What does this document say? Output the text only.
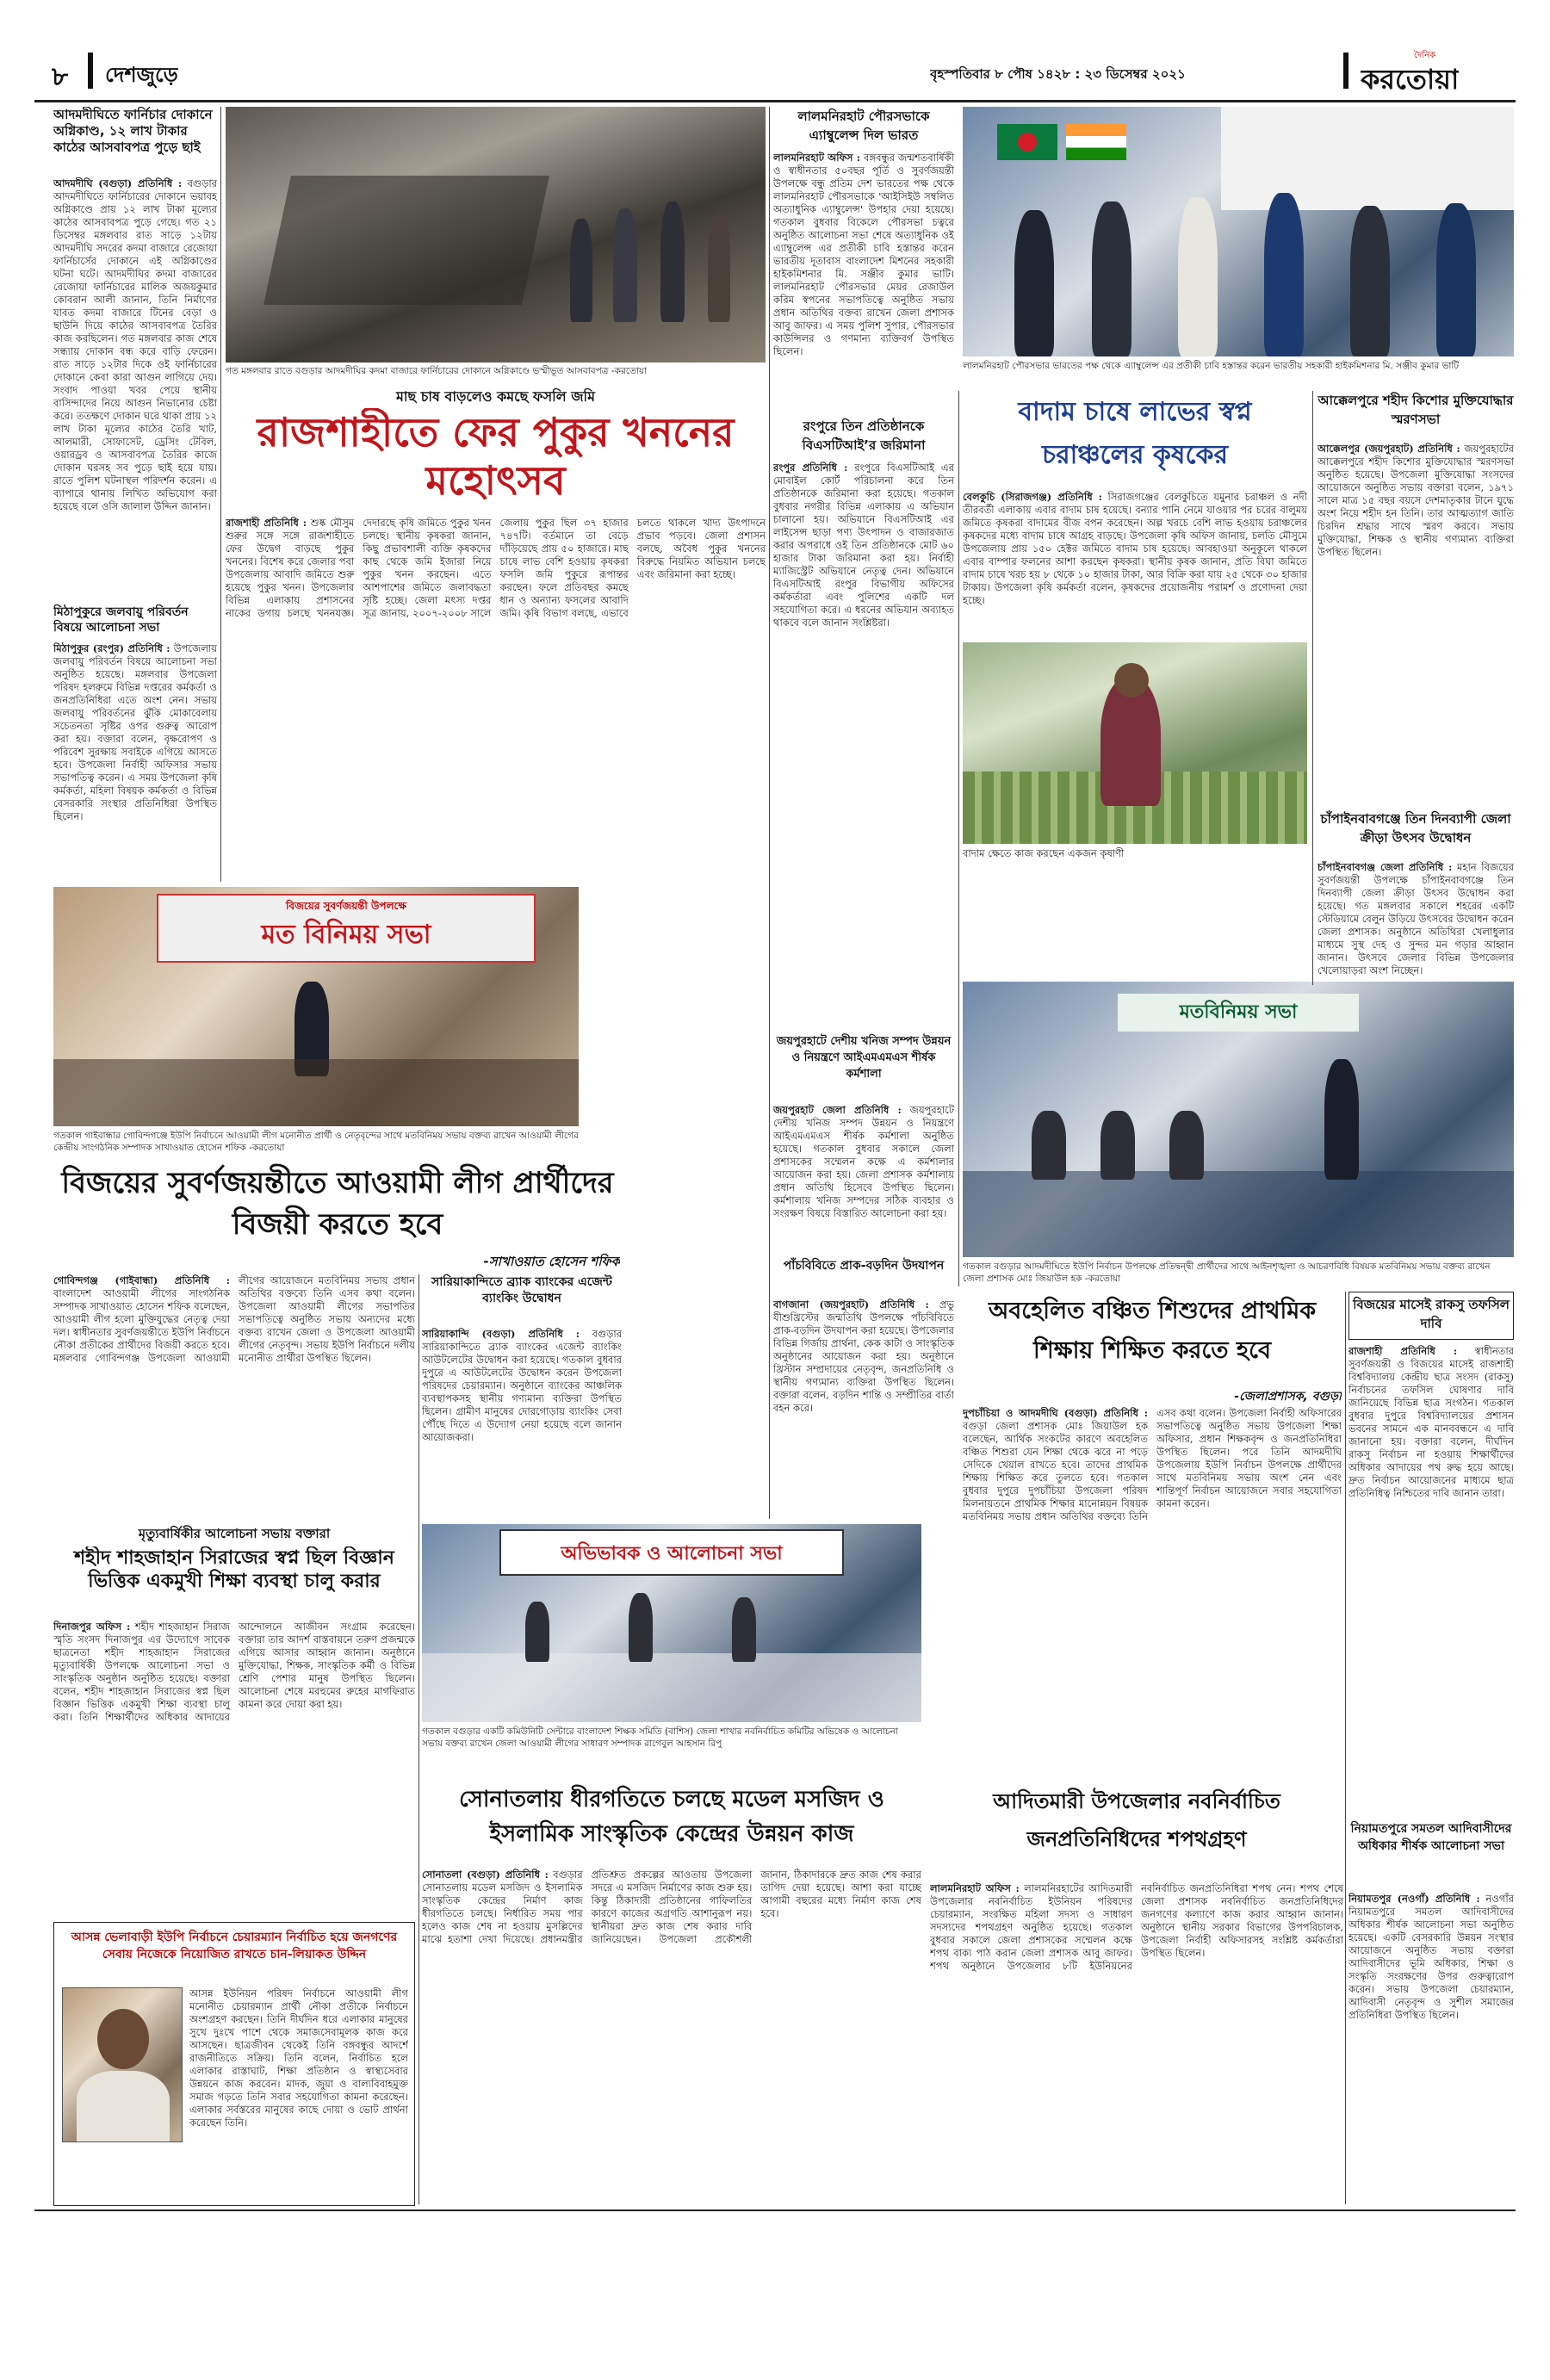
৮ দেশজুড়ে	বৃহস্পতিবার ৮ পৌষ ১৪২৮ : ২৩ ডিসেম্বর ২০২১
দৈনিক
করতোয়া
আদমদীঘিতে ফার্নিচার দোকানে অগ্নিকাণ্ড, ১২ লাখ টাকার কাঠের আসবাবপত্র পুড়ে ছাই
আদমদীঘি (বগুড়া) প্রতিনিধি : বগুড়ার আদমদীঘিতে ফার্নিচারের দোকানে ভয়াবহ অগ্নিকাণ্ডে প্রায় ১২ লাখ টাকা মূল্যের কাঠের আসবাবপত্র পুড়ে গেছে। গত ২১ ডিসেম্বর মঙ্গলবার রাত সাড়ে ১২টায় আদমদীঘি সদরের কদমা বাজারে রেজোয়া ফার্নিচার্সের দোকানে এই অগ্নিকাণ্ডের ঘটনা ঘটে। আদমদীঘির কদমা বাজারের রেজোয়া ফার্নিচারের মালিক অজয়কুমার কোবরান আলী জানান, তিনি নির্মাণের যাবত কদমা বাজারে টিনের বেড়া ও ছাউনি দিয়ে কাঠের আসবাবপত্র তৈরির কাজ করছিলেন। গত মঙ্গলবার কাজ শেষে সন্ধ্যায় দোকান বন্ধ করে বাড়ি ফেরেন। রাত সাড়ে ১২টার দিকে ওই ফার্নিচারের দোকানে কেবা কারা আগুন লাগিয়ে দেয়। সংবাদ পাওয়া খবর পেয়ে স্থানীয় বাসিন্দাদের নিয়ে আগুন নিভানোর চেষ্টা করে। ততক্ষণে দোকান ঘরে থাকা প্রায় ১২ লাখ টাকা মূল্যের কাঠের তৈরি খাট, আলমারী, সোফাসেট, ড্রেসিং টেবিল, ওয়ারড্রব ও আসবাবপত্র তৈরির কাজে দোকান ঘরসহ সব পুড়ে ছাই হয়ে যায়। রাতে পুলিশ ঘটনাস্থল পরিদর্শন করেন। এ ব্যাপারে থানায় লিখিত অভিযোগ করা হয়েছে বলে ওসি জালাল উদ্দিন জানান।
মিঠাপুকুরে জলবায়ু পরিবর্তন বিষয়ে আলোচনা সভা
মিঠাপুকুর (রংপুর) প্রতিনিধি : উপজেলায় জলবায়ু পরিবর্তন বিষয়ে আলোচনা সভা অনুষ্ঠিত হয়েছে। মঙ্গলবার উপজেলা পরিষদ হলরুমে বিভিন্ন দপ্তরের কর্মকর্তা ও জনপ্রতিনিধিরা এতে অংশ নেন। সভায় জলবায়ু পরিবর্তনের ঝুঁকি মোকাবেলায় সচেতনতা সৃষ্টির ওপর গুরুত্ব আরোপ করা হয়। বক্তারা বলেন, বৃক্ষরোপণ ও পরিবেশ সুরক্ষায় সবাইকে এগিয়ে আসতে হবে। উপজেলা নির্বাহী অফিসার সভায় সভাপতিত্ব করেন। এ সময় উপজেলা কৃষি কর্মকর্তা, মহিলা বিষয়ক কর্মকর্তা ও বিভিন্ন বেসরকারি সংস্থার প্রতিনিধিরা উপস্থিত ছিলেন।
গত মঙ্গলবার রাতে বগুড়ার আদমদীঘির কদমা বাজারে ফার্নিচারের দোকানে অগ্নিকাণ্ডে ভস্মীভূত আসবাবপত্র -করতোয়া
মাছ চাষ বাড়লেও কমছে ফসলি জমি
রাজশাহীতে ফের পুকুর খননের মহোৎসব
রাজশাহী প্রতিনিধি : শুষ্ক মৌসুম শুরুর সঙ্গে সঙ্গে রাজশাহীতে ফের উদ্বেগ বাড়ছে পুকুর খননের। বিশেষ করে জেলার পবা উপজেলায় আবাদি জমিতে শুরু হয়েছে পুকুর খনন। উপজেলার বিভিন্ন এলাকায় প্রশাসনের নাকের ডগায় চলছে খননযজ্ঞ। দেদারছে কৃষি জমিতে পুকুর খনন চলছে। স্থানীয় কৃষকরা জানান, কিছু প্রভাবশালী ব্যক্তি কৃষকদের কাছ থেকে জমি ইজারা নিয়ে পুকুর খনন করছেন। এতে আশপাশের জমিতে জলাবদ্ধতা সৃষ্টি হচ্ছে। জেলা মৎস্য দপ্তর সূত্র জানায়, ২০০৭-২০০৮ সালে জেলায় পুকুর ছিল ৩৭ হাজার ৭৪৭টি। বর্তমানে তা বেড়ে দাঁড়িয়েছে প্রায় ৫০ হাজারে। মাছ চাষে লাভ বেশি হওয়ায় কৃষকরা ফসলি জমি পুকুরে রূপান্তর করছেন। ফলে প্রতিবছর কমছে ধান ও অন্যান্য ফসলের আবাদি জমি। কৃষি বিভাগ বলছে, এভাবে চলতে থাকলে খাদ্য উৎপাদনে প্রভাব পড়বে। জেলা প্রশাসন বলছে, অবৈধ পুকুর খননের বিরুদ্ধে নিয়মিত অভিযান চলছে এবং জরিমানা করা হচ্ছে।
বিজয়ের সুবর্ণজয়ন্তী উপলক্ষে
মত বিনিময় সভা
গতকাল গাইবান্ধার গোবিন্দগঞ্জে ইউপি নির্বাচনে আওয়ামী লীগ মনোনীত প্রার্থী ও নেতৃবৃন্দের সাথে মতবিনিময় সভায় বক্তব্য রাখেন আওয়ামী লীগের কেন্দ্রীয় সাংগঠনিক সম্পাদক সাখাওয়াত হোসেন শফিক -করতোয়া
বিজয়ের সুবর্ণজয়ন্তীতে আওয়ামী লীগ প্রার্থীদের বিজয়ী করতে হবে
-সাখাওয়াত হোসেন শফিক
গোবিন্দগঞ্জ (গাইবান্ধা) প্রতিনিধি : বাংলাদেশ আওয়ামী লীগের সাংগঠনিক সম্পাদক সাখাওয়াত হোসেন শফিক বলেছেন, আওয়ামী লীগ হলো মুক্তিযুদ্ধের নেতৃত্ব দেয়া দল। স্বাধীনতার সুবর্ণজয়ন্তীতে ইউপি নির্বাচনে নৌকা প্রতীকের প্রার্থীদের বিজয়ী করতে হবে। মঙ্গলবার গোবিন্দগঞ্জ উপজেলা আওয়ামী লীগের আয়োজনে মতবিনিময় সভায় প্রধান অতিথির বক্তব্যে তিনি এসব কথা বলেন। উপজেলা আওয়ামী লীগের সভাপতির সভাপতিত্বে অনুষ্ঠিত সভায় অন্যদের মধ্যে বক্তব্য রাখেন জেলা ও উপজেলা আওয়ামী লীগের নেতৃবৃন্দ। সভায় ইউপি নির্বাচনে দলীয় মনোনীত প্রার্থীরা উপস্থিত ছিলেন।
সারিয়াকান্দিতে ব্র্যাক ব্যাংকের এজেন্ট ব্যাংকিং উদ্বোধন
সারিয়াকান্দি (বগুড়া) প্রতিনিধি : বগুড়ার সারিয়াকান্দিতে ব্র্যাক ব্যাংকের এজেন্ট ব্যাংকিং আউটলেটের উদ্বোধন করা হয়েছে। গতকাল বুধবার দুপুরে এ আউটলেটের উদ্বোধন করেন উপজেলা পরিষদের চেয়ারম্যান। অনুষ্ঠানে ব্যাংকের আঞ্চলিক ব্যবস্থাপকসহ স্থানীয় গণ্যমান্য ব্যক্তিরা উপস্থিত ছিলেন। গ্রামীণ মানুষের দোরগোড়ায় ব্যাংকিং সেবা পৌঁছে দিতে এ উদ্যোগ নেয়া হয়েছে বলে জানান আয়োজকরা।
মৃত্যুবার্ষিকীর আলোচনা সভায় বক্তারা
শহীদ শাহজাহান সিরাজের স্বপ্ন ছিল বিজ্ঞান ভিত্তিক একমুখী শিক্ষা ব্যবস্থা চালু করার
দিনাজপুর অফিস : শহীদ শাহজাহান সিরাজ স্মৃতি সংসদ দিনাজপুর এর উদ্যোগে সাবেক ছাত্রনেতা শহীদ শাহজাহান সিরাজের মৃত্যুবার্ষিকী উপলক্ষে আলোচনা সভা ও সাংস্কৃতিক অনুষ্ঠান অনুষ্ঠিত হয়েছে। বক্তারা বলেন, শহীদ শাহজাহান সিরাজের স্বপ্ন ছিল বিজ্ঞান ভিত্তিক একমুখী শিক্ষা ব্যবস্থা চালু করা। তিনি শিক্ষার্থীদের অধিকার আদায়ের আন্দোলনে আজীবন সংগ্রাম করেছেন। বক্তারা তার আদর্শ বাস্তবায়নে তরুণ প্রজন্মকে এগিয়ে আসার আহ্বান জানান। অনুষ্ঠানে মুক্তিযোদ্ধা, শিক্ষক, সাংস্কৃতিক কর্মী ও বিভিন্ন শ্রেণি পেশার মানুষ উপস্থিত ছিলেন। আলোচনা শেষে মরহুমের রুহের মাগফিরাত কামনা করে দোয়া করা হয়।
অভিভাবক ও আলোচনা সভা
গতকাল বগুড়ার একটি কমিউনিটি সেন্টারে বাংলাদেশ শিক্ষক সমিতি (বাশিস) জেলা শাখার নবনির্বাচিত কমিটির অভিষেক ও আলোচনা সভায় বক্তব্য রাখেন জেলা আওয়ামী লীগের সাধারণ সম্পাদক রাগেবুল আহসান রিপু
সোনাতলায় ধীরগতিতে চলছে মডেল মসজিদ ও ইসলামিক সাংস্কৃতিক কেন্দ্রের উন্নয়ন কাজ
সোনাতলা (বগুড়া) প্রতিনিধি : বগুড়ার সোনাতলায় মডেল মসজিদ ও ইসলামিক সাংস্কৃতিক কেন্দ্রের নির্মাণ কাজ ধীরগতিতে চলছে। নির্ধারিত সময় পার হলেও কাজ শেষ না হওয়ায় মুসল্লিদের মাঝে হতাশা দেখা দিয়েছে। প্রধানমন্ত্রীর প্রতিশ্রুত প্রকল্পের আওতায় উপজেলা সদরে এ মসজিদ নির্মাণের কাজ শুরু হয়। কিন্তু ঠিকাদারী প্রতিষ্ঠানের গাফিলতির কারণে কাজের অগ্রগতি আশানুরূপ নয়। স্থানীয়রা দ্রুত কাজ শেষ করার দাবি জানিয়েছেন। উপজেলা প্রকৌশলী জানান, ঠিকাদারকে দ্রুত কাজ শেষ করার তাগিদ দেয়া হয়েছে। আশা করা যাচ্ছে আগামী বছরের মধ্যে নির্মাণ কাজ শেষ হবে।
আসন্ন ভেলাবাড়ী ইউপি নির্বাচনে চেয়ারম্যান নির্বাচিত হয়ে জনগণের সেবায় নিজেকে নিয়োজিত রাখতে চান-লিয়াকত উদ্দিন
আসন্ন ইউনিয়ন পরিষদ নির্বাচনে আওয়ামী লীগ মনোনীত চেয়ারম্যান প্রার্থী নৌকা প্রতীকে নির্বাচনে অংশগ্রহণ করছেন। তিনি দীর্ঘদিন ধরে এলাকার মানুষের সুখে দুঃখে পাশে থেকে সমাজসেবামূলক কাজ করে আসছেন। ছাত্রজীবন থেকেই তিনি বঙ্গবন্ধুর আদর্শে রাজনীতিতে সক্রিয়। তিনি বলেন, নির্বাচিত হলে এলাকার রাস্তাঘাট, শিক্ষা প্রতিষ্ঠান ও স্বাস্থ্যসেবার উন্নয়নে কাজ করবেন। মাদক, জুয়া ও বাল্যবিবাহমুক্ত সমাজ গড়তে তিনি সবার সহযোগিতা কামনা করেছেন। এলাকার সর্বস্তরের মানুষের কাছে দোয়া ও ভোট প্রার্থনা করেছেন তিনি।
লালমনিরহাট পৌরসভাকে এ্যাম্বুলেন্স দিল ভারত
লালমনিরহাট অফিস : বঙ্গবন্ধুর জন্মশতবার্ষিকী ও স্বাধীনতার ৫০বছর পূর্তি ও সুবর্ণজয়ন্তী উপলক্ষে বন্ধু প্রতিম দেশ ভারতের পক্ষ থেকে লালমনিরহাট পৌরসভাকে 'আইসিইউ সম্বলিত অত্যাধুনিক এ্যাম্বুলেন্স' উপহার দেয়া হয়েছে। গতকাল বুধবার বিকেলে পৌরসভা চত্বরে অনুষ্ঠিত আলোচনা সভা শেষে অত্যাধুনিক ওই এ্যাম্বুলেন্স এর প্রতীকী চাবি হস্তান্তর করেন ভারতীয় দূতাবাস বাংলাদেশ মিশনের সহকারী হাইকমিশনার মি. সঞ্জীব কুমার ভাটি। লালমনিরহাট পৌরসভার মেয়র রেজাউল করিম স্বপনের সভাপতিত্বে অনুষ্ঠিত সভায় প্রধান অতিথির বক্তব্য রাখেন জেলা প্রশাসক আবু জাফর। এ সময় পুলিশ সুপার, পৌরসভার কাউন্সিলর ও গণমান্য ব্যক্তিবর্গ উপস্থিত ছিলেন।
লালমনিরহাট পৌরসভার ভারতের পক্ষ থেকে এ্যাম্বুলেন্স এর প্রতীকী চাবি হস্তান্তর করেন ভারতীয় সহকারী হাইকমিশনার মি. সঞ্জীব কুমার ভাটি
রংপুরে তিন প্রতিষ্ঠানকে বিএসটিআই’র জরিমানা
রংপুর প্রতিনিধি : রংপুরে বিএসটিআই এর মোবাইল কোর্ট পরিচালনা করে তিন প্রতিষ্ঠানকে জরিমানা করা হয়েছে। গতকাল বুধবার নগরীর বিভিন্ন এলাকায় এ অভিযান চালানো হয়। অভিযানে বিএসটিআই এর লাইসেন্স ছাড়া পণ্য উৎপাদন ও বাজারজাত করার অপরাধে ওই তিন প্রতিষ্ঠানকে মোট ৬০ হাজার টাকা জরিমানা করা হয়। নির্বাহী ম্যাজিস্ট্রেট অভিযানে নেতৃত্ব দেন। অভিযানে বিএসটিআই রংপুর বিভাগীয় অফিসের কর্মকর্তারা এবং পুলিশের একটি দল সহযোগিতা করে। এ ধরনের অভিযান অব্যাহত থাকবে বলে জানান সংশ্লিষ্টরা।
জয়পুরহাটে দেশীয় খনিজ সম্পদ উন্নয়ন ও নিয়ন্ত্রণে আইএমএমএস শীর্ষক কর্মশালা
জয়পুরহাট জেলা প্রতিনিধি : জয়পুরহাটে দেশীয় খনিজ সম্পদ উন্নয়ন ও নিয়ন্ত্রণে আইএমএমএস শীর্ষক কর্মশালা অনুষ্ঠিত হয়েছে। গতকাল বুধবার সকালে জেলা প্রশাসকের সম্মেলন কক্ষে এ কর্মশালার আয়োজন করা হয়। জেলা প্রশাসক কর্মশালায় প্রধান অতিথি হিসেবে উপস্থিত ছিলেন। কর্মশালায় খনিজ সম্পদের সঠিক ব্যবহার ও সংরক্ষণ বিষয়ে বিস্তারিত আলোচনা করা হয়।
পাঁচবিবিতে প্রাক-বড়দিন উদযাপন
বাগজানা (জয়পুরহাট) প্রতিনিধি : প্রভু যীশুখ্রিস্টের জন্মতিথি উপলক্ষে পাঁচবিবিতে প্রাক-বড়দিন উদযাপন করা হয়েছে। উপজেলার বিভিন্ন গির্জায় প্রার্থনা, কেক কাটা ও সাংস্কৃতিক অনুষ্ঠানের আয়োজন করা হয়। অনুষ্ঠানে খ্রিস্টান সম্প্রদায়ের নেতৃবৃন্দ, জনপ্রতিনিধি ও স্থানীয় গণ্যমান্য ব্যক্তিরা উপস্থিত ছিলেন। বক্তারা বলেন, বড়দিন শান্তি ও সম্প্রীতির বার্তা বহন করে।
বাদাম চাষে লাভের স্বপ্ন চরাঞ্চলের কৃষকের
বেলকুচি (সিরাজগঞ্জ) প্রতিনিধি : সিরাজগঞ্জের বেলকুচিতে যমুনার চরাঞ্চল ও নদী তীরবর্তী এলাকায় এবার বাদাম চাষ হয়েছে। বন্যার পানি নেমে যাওয়ার পর চরের বালুময় জমিতে কৃষকরা বাদামের বীজ বপন করেছেন। অল্প খরচে বেশি লাভ হওয়ায় চরাঞ্চলের কৃষকদের মধ্যে বাদাম চাষে আগ্রহ বাড়ছে। উপজেলা কৃষি অফিস জানায়, চলতি মৌসুমে উপজেলায় প্রায় ১৫০ হেক্টর জমিতে বাদাম চাষ হয়েছে। আবহাওয়া অনুকূলে থাকলে এবার বাম্পার ফলনের আশা করছেন কৃষকরা। স্থানীয় কৃষক জানান, প্রতি বিঘা জমিতে বাদাম চাষে খরচ হয় ৮ থেকে ১০ হাজার টাকা, আর বিক্রি করা যায় ২৫ থেকে ৩০ হাজার টাকায়। উপজেলা কৃষি কর্মকর্তা বলেন, কৃষকদের প্রয়োজনীয় পরামর্শ ও প্রণোদনা দেয়া হচ্ছে।
বাদাম ক্ষেতে কাজ করছেন একজন কৃষাণী
মতবিনিময় সভা
গতকাল বগুড়ার আদমদীঘিতে ইউপি নির্বাচন উপলক্ষে প্রতিদ্বন্দ্বী প্রার্থীদের সাথে আইনশৃঙ্খলা ও আচরণবিধি বিষয়ক মতবিনিময় সভায় বক্তব্য রাখেন জেলা প্রশাসক মোঃ জিয়াউল হক -করতোয়া
অবহেলিত বঞ্চিত শিশুদের প্রাথমিক শিক্ষায় শিক্ষিত করতে হবে
-জেলাপ্রশাসক, বগুড়া
দুপচাঁচিয়া ও আদমদীঘি (বগুড়া) প্রতিনিধি : বগুড়া জেলা প্রশাসক মোঃ জিয়াউল হক বলেছেন, আর্থিক সংকটের কারণে অবহেলিত বঞ্চিত শিশুরা যেন শিক্ষা থেকে ঝরে না পড়ে সেদিকে খেয়াল রাখতে হবে। তাদের প্রাথমিক শিক্ষায় শিক্ষিত করে তুলতে হবে। গতকাল বুধবার দুপুরে দুপচাঁচিয়া উপজেলা পরিষদ মিলনায়তনে প্রাথমিক শিক্ষার মানোন্নয়ন বিষয়ক মতবিনিময় সভায় প্রধান অতিথির বক্তব্যে তিনি এসব কথা বলেন। উপজেলা নির্বাহী অফিসারের সভাপতিত্বে অনুষ্ঠিত সভায় উপজেলা শিক্ষা অফিসার, প্রধান শিক্ষকবৃন্দ ও জনপ্রতিনিধিরা উপস্থিত ছিলেন। পরে তিনি আদমদীঘি উপজেলায় ইউপি নির্বাচন উপলক্ষে প্রার্থীদের সাথে মতবিনিময় সভায় অংশ নেন এবং শান্তিপূর্ণ নির্বাচন আয়োজনে সবার সহযোগিতা কামনা করেন।
আদিতমারী উপজেলার নবনির্বাচিত জনপ্রতিনিধিদের শপথগ্রহণ
লালমনিরহাট অফিস : লালমনিরহাটের আদিতমারী উপজেলার নবনির্বাচিত ইউনিয়ন পরিষদের চেয়ারম্যান, সংরক্ষিত মহিলা সদস্য ও সাধারণ সদস্যদের শপথগ্রহণ অনুষ্ঠিত হয়েছে। গতকাল বুধবার সকালে জেলা প্রশাসকের সম্মেলন কক্ষে শপথ বাক্য পাঠ করান জেলা প্রশাসক আবু জাফর। শপথ অনুষ্ঠানে উপজেলার ৮টি ইউনিয়নের নবনির্বাচিত জনপ্রতিনিধিরা শপথ নেন। শপথ শেষে জেলা প্রশাসক নবনির্বাচিত জনপ্রতিনিধিদের জনগণের কল্যাণে কাজ করার আহ্বান জানান। অনুষ্ঠানে স্থানীয় সরকার বিভাগের উপপরিচালক, উপজেলা নির্বাহী অফিসারসহ সংশ্লিষ্ট কর্মকর্তারা উপস্থিত ছিলেন।
আক্কেলপুরে শহীদ কিশোর মুক্তিযোদ্ধার স্মরণসভা
আক্কেলপুর (জয়পুরহাট) প্রতিনিধি : জয়পুরহাটের আক্কেলপুরে শহীদ কিশোর মুক্তিযোদ্ধার স্মরণসভা অনুষ্ঠিত হয়েছে। উপজেলা মুক্তিযোদ্ধা সংসদের আয়োজনে অনুষ্ঠিত সভায় বক্তারা বলেন, ১৯৭১ সালে মাত্র ১৫ বছর বয়সে দেশমাতৃকার টানে যুদ্ধে অংশ নিয়ে শহীদ হন তিনি। তার আত্মত্যাগ জাতি চিরদিন শ্রদ্ধার সাথে স্মরণ করবে। সভায় মুক্তিযোদ্ধা, শিক্ষক ও স্থানীয় গণ্যমান্য ব্যক্তিরা উপস্থিত ছিলেন।
চাঁপাইনবাবগঞ্জে তিন দিনব্যাপী জেলা ক্রীড়া উৎসব উদ্বোধন
চাঁপাইনবাবগঞ্জ জেলা প্রতিনিধি : মহান বিজয়ের সুবর্ণজয়ন্তী উপলক্ষে চাঁপাইনবাবগঞ্জে তিন দিনব্যাপী জেলা ক্রীড়া উৎসব উদ্বোধন করা হয়েছে। গত মঙ্গলবার সকালে শহরের একটি স্টেডিয়ামে বেলুন উড়িয়ে উৎসবের উদ্বোধন করেন জেলা প্রশাসক। অনুষ্ঠানে অতিথিরা খেলাধুলার মাধ্যমে সুস্থ দেহ ও সুন্দর মন গড়ার আহ্বান জানান। উৎসবে জেলার বিভিন্ন উপজেলার খেলোয়াড়রা অংশ নিচ্ছেন।
বিজয়ের মাসেই রাকসু তফসিল দাবি
রাজশাহী প্রতিনিধি : স্বাধীনতার সুবর্ণজয়ন্তী ও বিজয়ের মাসেই রাজশাহী বিশ্ববিদ্যালয় কেন্দ্রীয় ছাত্র সংসদ (রাকসু) নির্বাচনের তফসিল ঘোষণার দাবি জানিয়েছে বিভিন্ন ছাত্র সংগঠন। গতকাল বুধবার দুপুরে বিশ্ববিদ্যালয়ের প্রশাসন ভবনের সামনে এক মানববন্ধনে এ দাবি জানানো হয়। বক্তারা বলেন, দীর্ঘদিন রাকসু নির্বাচন না হওয়ায় শিক্ষার্থীদের অধিকার আদায়ের পথ রুদ্ধ হয়ে আছে। দ্রুত নির্বাচন আয়োজনের মাধ্যমে ছাত্র প্রতিনিধিত্ব নিশ্চিতের দাবি জানান তারা।
নিয়ামতপুরে সমতল আদিবাসীদের অধিকার শীর্ষক আলোচনা সভা
নিয়ামতপুর (নওগাঁ) প্রতিনিধি : নওগাঁর নিয়ামতপুরে সমতল আদিবাসীদের অধিকার শীর্ষক আলোচনা সভা অনুষ্ঠিত হয়েছে। একটি বেসরকারি উন্নয়ন সংস্থার আয়োজনে অনুষ্ঠিত সভায় বক্তারা আদিবাসীদের ভূমি অধিকার, শিক্ষা ও সংস্কৃতি সংরক্ষণের উপর গুরুত্বারোপ করেন। সভায় উপজেলা চেয়ারম্যান, আদিবাসী নেতৃবৃন্দ ও সুশীল সমাজের প্রতিনিধিরা উপস্থিত ছিলেন।
